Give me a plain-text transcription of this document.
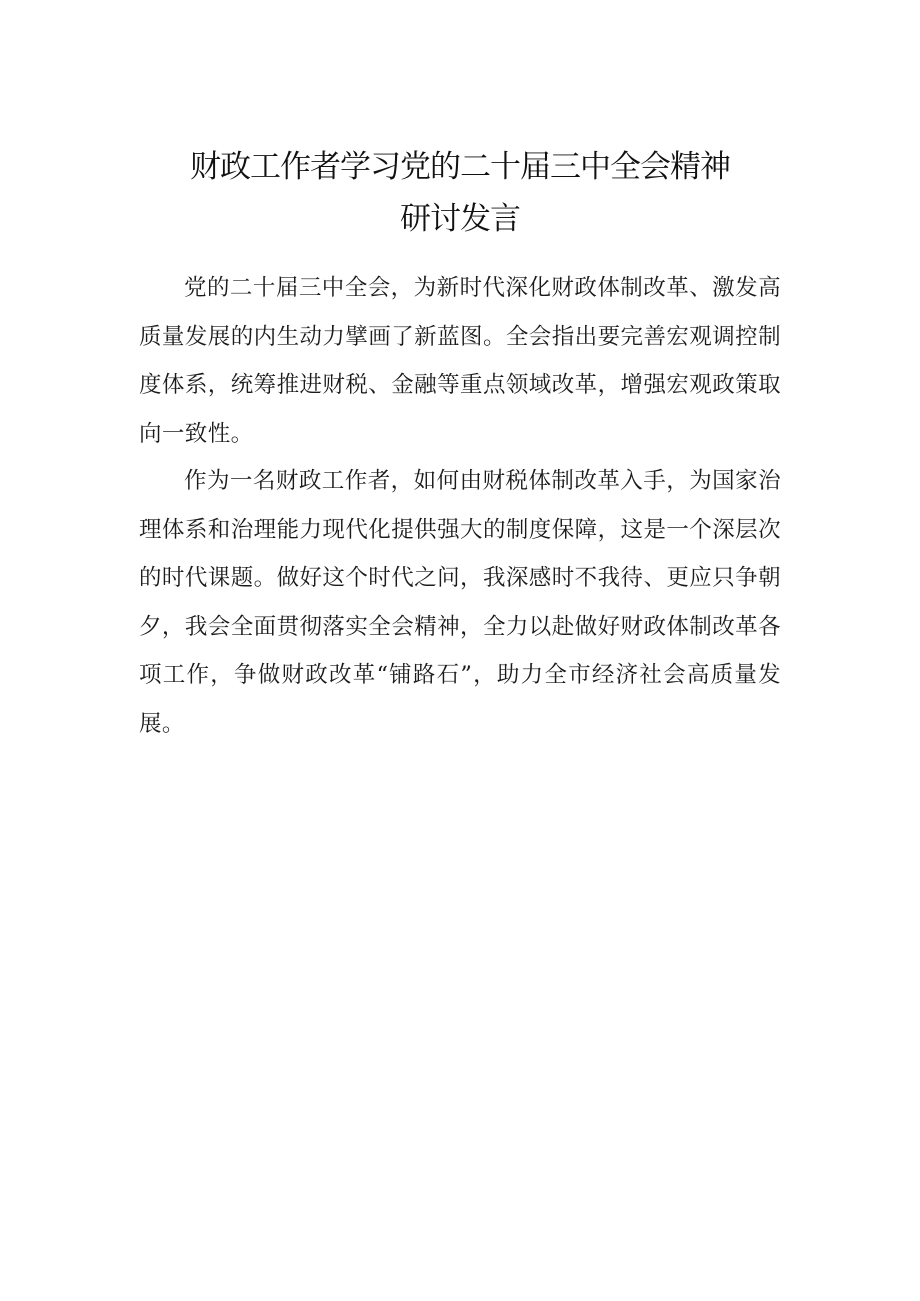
财政工作者学习党的二十届三中全会精神
研讨发言

党的二十届三中全会，为新时代深化财政体制改革、激发高质量发展的内生动力擘画了新蓝图。全会指出要完善宏观调控制度体系，统筹推进财税、金融等重点领域改革，增强宏观政策取向一致性。

作为一名财政工作者，如何由财税体制改革入手，为国家治理体系和治理能力现代化提供强大的制度保障，这是一个深层次的时代课题。做好这个时代之问，我深感时不我待、更应只争朝夕，我会全面贯彻落实全会精神，全力以赴做好财政体制改革各项工作，争做财政改革“铺路石”，助力全市经济社会高质量发展。
